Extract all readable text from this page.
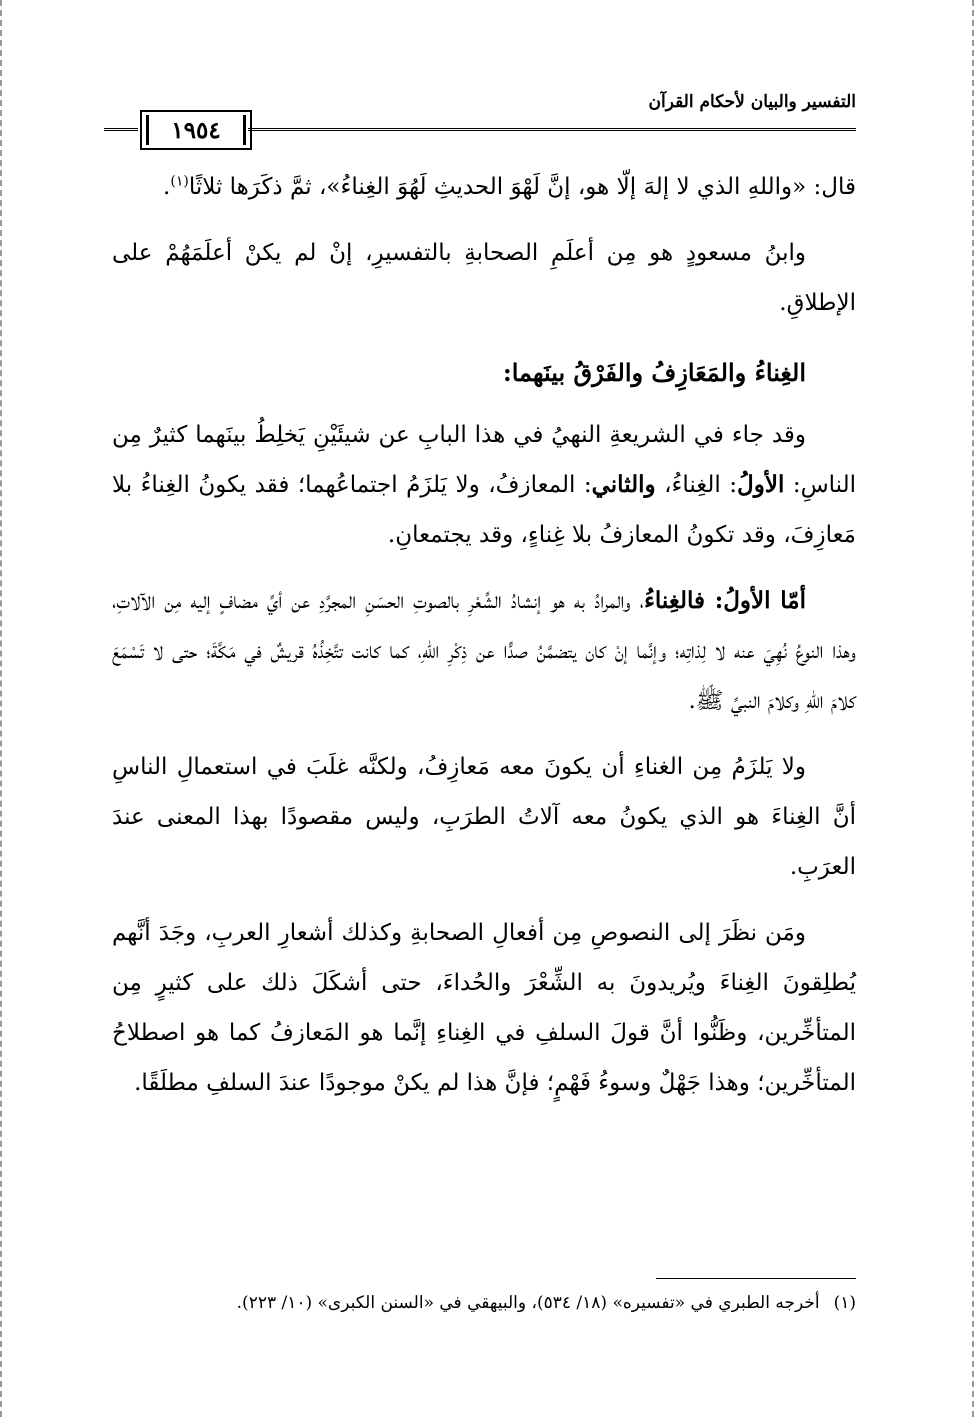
التفسير والبيان لأحكام القرآن
١٩٥٤

قال: «واللهِ الذي لا إلهَ إلّا هو، إنَّ لَهْوَ الحديثِ لَهُوَ الغِناءُ»، ثمَّ ذكَرَها ثلاثًا$^{(١)}$.

وابنُ مسعودٍ هو مِن أعلَمِ الصحابةِ بالتفسيرِ، إنْ لم يكنْ أعلَمَهُمْ على الإطلاقِ.

الغِناءُ والمَعَازِفُ والفَرْقُ بينَهما:

وقد جاء في الشريعةِ النهيُ في هذا البابِ عن شيئَيْنِ يَخلِطُ بينَهما كثيرٌ مِن الناسِ: الأولُ: الغِناءُ، والثاني: المعازفُ، ولا يَلزَمُ اجتماعُهما؛ فقد يكونُ الغِناءُ بلا مَعازِفَ، وقد تكونُ المعازفُ بلا غِناءٍ، وقد يجتمعانِ.

أمّا الأولُ: فالغِناءُ، والمرادُ به هو إنشادُ الشِّعْرِ بالصوتِ الحسَنِ المجرَّدِ عن أيِّ مضافٍ إليه مِن الآلاتِ، وهذا النوعُ نُهِيَ عنه لا لِذاتِه؛ وإنَّما إنْ كان يتضمَّنُ صدًّا عن ذِكْرِ اللهِ، كما كانت تتَّخِذُهُ قريشٌ في مَكَّةَ؛ حتى لا تَسْمَعَ كلامَ اللهِ وكلامَ النبيِّ ﷺ.

ولا يَلزَمُ مِن الغناءِ أن يكونَ معه مَعازِفُ، ولكنَّه غلَبَ في استعمالِ الناسِ أنَّ الغِناءَ هو الذي يكونُ معه آلاتُ الطرَبِ، وليس مقصودًا بهذا المعنى عندَ العرَبِ.

ومَن نظَرَ إلى النصوصِ مِن أفعالِ الصحابةِ وكذلك أشعارِ العربِ، وجَدَ أنَّهم يُطلِقونَ الغِناءَ ويُريدونَ به الشِّعْرَ والحُداءَ، حتى أشكَلَ ذلك على كثيرٍ مِن المتأخِّرين، وظَنُّوا أنَّ قولَ السلفِ في الغِناءِ إنَّما هو المَعازفُ كما هو اصطلاحُ المتأخِّرين؛ وهذا جَهْلٌ وسوءُ فَهْمٍ؛ فإنَّ هذا لم يكنْ موجودًا عندَ السلفِ مطلَقًا.

(١)أخرجه الطبري في «تفسيره» (١٨/ ٥٣٤)، والبيهقي في «السنن الكبرى» (١٠/ ٢٢٣).
